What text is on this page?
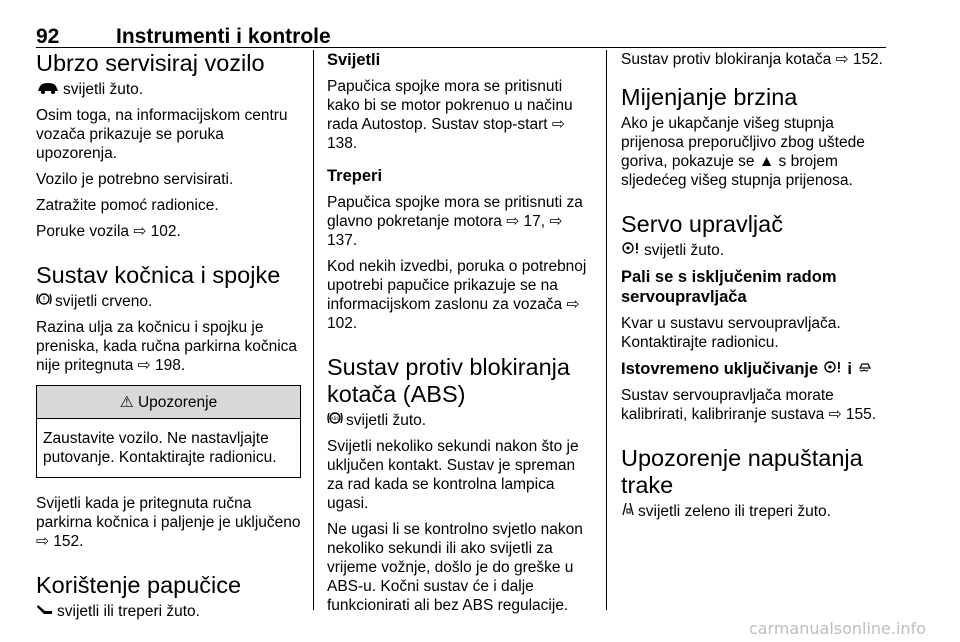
92	Instrumenti i kontrole
Ubrzo servisiraj vozilo

svijetli žuto.

Osim toga, na informacijskom centru vozača prikazuje se poruka upozorenja.

Vozilo je potrebno servisirati.

Zatražite pomoć radionice.

Poruke vozila ⇨ 102.

Sustav kočnica i spojke

! svijetli crveno.

Razina ulja za kočnicu i spojku je preniska, kada ručna parkirna kočnica nije pritegnuta ⇨ 198.

⚠ Upozorenje
Zaustavite vozilo. Ne nastavljajte putovanje. Kontaktirajte radionicu.

Svijetli kada je pritegnuta ručna parkirna kočnica i paljenje je uključeno ⇨ 152.

Korištenje papučice

svijetli ili treperi žuto.

Svijetli

Papučica spojke mora se pritisnuti kako bi se motor pokrenuo u načinu rada Autostop. Sustav stop-start ⇨ 138.

Treperi

Papučica spojke mora se pritisnuti za glavno pokretanje motora ⇨ 17, ⇨ 137.

Kod nekih izvedbi, poruka o potrebnoj upotrebi papučice prikazuje se na informacijskom zaslonu za vozača ⇨ 102.

Sustav protiv blokiranja kotača (ABS)

ABS svijetli žuto.

Svijetli nekoliko sekundi nakon što je uključen kontakt. Sustav je spreman za rad kada se kontrolna lampica ugasi.

Ne ugasi li se kontrolno svjetlo nakon nekoliko sekundi ili ako svijetli za vrijeme vožnje, došlo je do greške u ABS-u. Kočni sustav će i dalje funkcionirati ali bez ABS regulacije.

Sustav protiv blokiranja kotača ⇨ 152.

Mijenjanje brzina

Ako je ukapčanje višeg stupnja prijenosa preporučljivo zbog uštede goriva, pokazuje se ▲ s brojem sljedećeg višeg stupnja prijenosa.

Servo upravljač

svijetli žuto.

Pali se s isključenim radom servoupravljača

Kvar u sustavu servoupravljača. Kontaktirajte radionicu.

Istovremeno uključivanje i

Sustav servoupravljača morate kalibrirati, kalibriranje sustava ⇨ 155.

Upozorenje napuštanja trake

svijetli zeleno ili treperi žuto.

carmanualsonline.info
